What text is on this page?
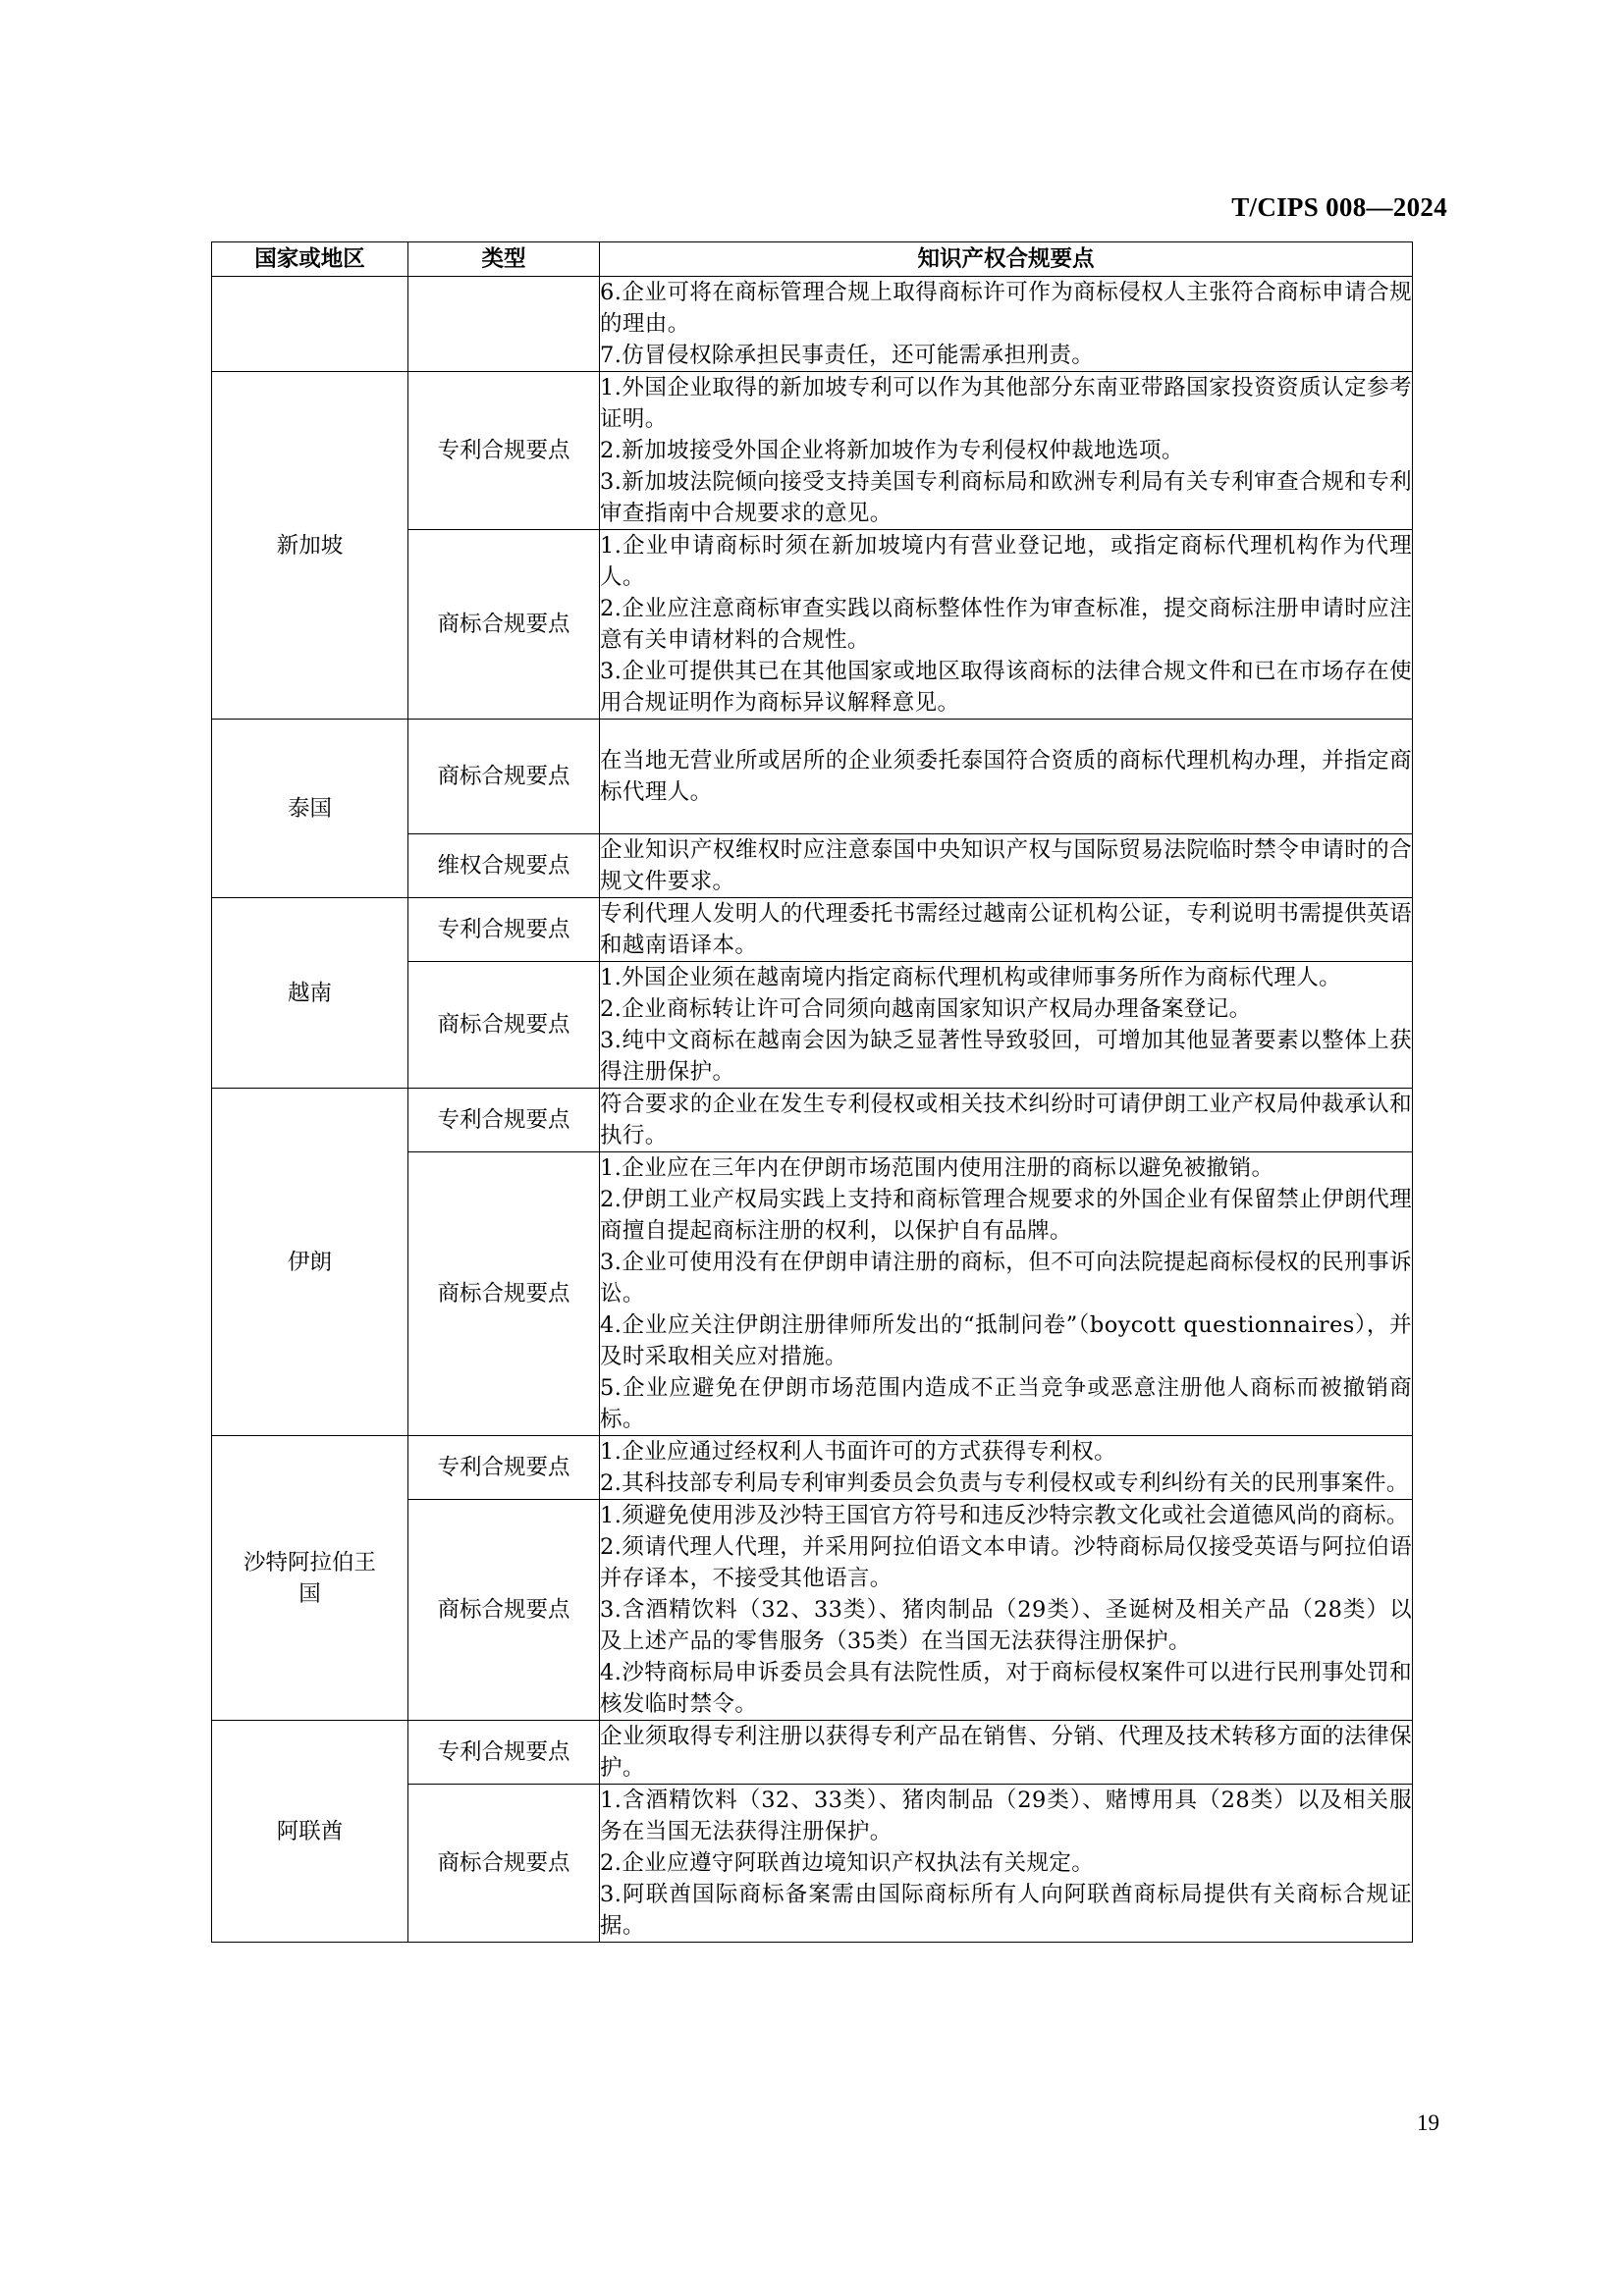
T/CIPS 008—2024
国家或地区	类型	知识产权合规要点

		6.企业可将在商标管理合规上取得商标许可作为商标侵权人主张符合商标申请合规的理由。
7.仿冒侵权除承担民事责任，还可能需承担刑责。

新加坡	专利合规要点	1.外国企业取得的新加坡专利可以作为其他部分东南亚带路国家投资资质认定参考证明。
2.新加坡接受外国企业将新加坡作为专利侵权仲裁地选项。
3.新加坡法院倾向接受支持美国专利商标局和欧洲专利局有关专利审查合规和专利审查指南中合规要求的意见。

	商标合规要点	1.企业申请商标时须在新加坡境内有营业登记地，或指定商标代理机构作为代理人。
2.企业应注意商标审查实践以商标整体性作为审查标准，提交商标注册申请时应注意有关申请材料的合规性。
3.企业可提供其已在其他国家或地区取得该商标的法律合规文件和已在市场存在使用合规证明作为商标异议解释意见。

泰国	商标合规要点	在当地无营业所或居所的企业须委托泰国符合资质的商标代理机构办理，并指定商标代理人。

	维权合规要点	企业知识产权维权时应注意泰国中央知识产权与国际贸易法院临时禁令申请时的合规文件要求。

越南	专利合规要点	专利代理人发明人的代理委托书需经过越南公证机构公证，专利说明书需提供英语和越南语译本。

	商标合规要点	1.外国企业须在越南境内指定商标代理机构或律师事务所作为商标代理人。
2.企业商标转让许可合同须向越南国家知识产权局办理备案登记。
3.纯中文商标在越南会因为缺乏显著性导致驳回，可增加其他显著要素以整体上获得注册保护。

伊朗	专利合规要点	符合要求的企业在发生专利侵权或相关技术纠纷时可请伊朗工业产权局仲裁承认和执行。

	商标合规要点	1.企业应在三年内在伊朗市场范围内使用注册的商标以避免被撤销。
2.伊朗工业产权局实践上支持和商标管理合规要求的外国企业有保留禁止伊朗代理商擅自提起商标注册的权利，以保护自有品牌。
3.企业可使用没有在伊朗申请注册的商标，但不可向法院提起商标侵权的民刑事诉讼。
4.企业应关注伊朗注册律师所发出的“抵制问卷”（boycott questionnaires），并及时采取相关应对措施。
5.企业应避免在伊朗市场范围内造成不正当竞争或恶意注册他人商标而被撤销商标。

沙特阿拉伯王国	专利合规要点	1.企业应通过经权利人书面许可的方式获得专利权。
2.其科技部专利局专利审判委员会负责与专利侵权或专利纠纷有关的民刑事案件。

	商标合规要点	1.须避免使用涉及沙特王国官方符号和违反沙特宗教文化或社会道德风尚的商标。
2.须请代理人代理，并采用阿拉伯语文本申请。沙特商标局仅接受英语与阿拉伯语并存译本，不接受其他语言。
3.含酒精饮料（32、33类）、猪肉制品（29类）、圣诞树及相关产品（28类）以及上述产品的零售服务（35类）在当国无法获得注册保护。
4.沙特商标局申诉委员会具有法院性质，对于商标侵权案件可以进行民刑事处罚和核发临时禁令。

阿联酋	专利合规要点	企业须取得专利注册以获得专利产品在销售、分销、代理及技术转移方面的法律保护。

	商标合规要点	1.含酒精饮料（32、33类）、猪肉制品（29类）、赌博用具（28类）以及相关服务在当国无法获得注册保护。
2.企业应遵守阿联酋边境知识产权执法有关规定。
3.阿联酋国际商标备案需由国际商标所有人向阿联酋商标局提供有关商标合规证据。
19
